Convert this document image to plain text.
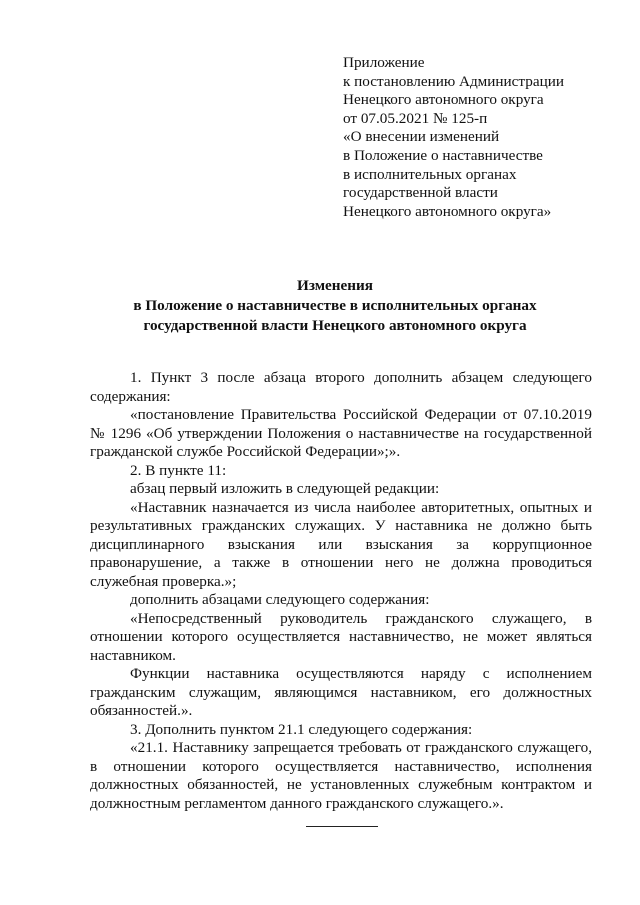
Приложение
к постановлению Администрации
Ненецкого автономного округа
от 07.05.2021 № 125-п
«О внесении изменений
в Положение о наставничестве
в исполнительных органах
государственной власти
Ненецкого автономного округа»
Изменения
в Положение о наставничестве в исполнительных органах
государственной власти Ненецкого автономного округа

1. Пункт 3 после абзаца второго дополнить абзацем следующего содержания:

«постановление Правительства Российской Федерации от 07.10.2019 № 1296 «Об утверждении Положения о наставничестве на государственной гражданской службе Российской Федерации»;».

2. В пункте 11:

абзац первый изложить в следующей редакции:

«Наставник назначается из числа наиболее авторитетных, опытных и результативных гражданских служащих. У наставника не должно быть дисциплинарного взыскания или взыскания за коррупционное правонарушение, а также в отношении него не должна проводиться служебная проверка.»;

дополнить абзацами следующего содержания:

«Непосредственный руководитель гражданского служащего, в отношении которого осуществляется наставничество, не может являться наставником.

Функции наставника осуществляются наряду с исполнением гражданским служащим, являющимся наставником, его должностных обязанностей.».

3. Дополнить пунктом 21.1 следующего содержания:

«21.1. Наставнику запрещается требовать от гражданского служащего, в отношении которого осуществляется наставничество, исполнения должностных обязанностей, не установленных служебным контрактом и должностным регламентом данного гражданского служащего.».
